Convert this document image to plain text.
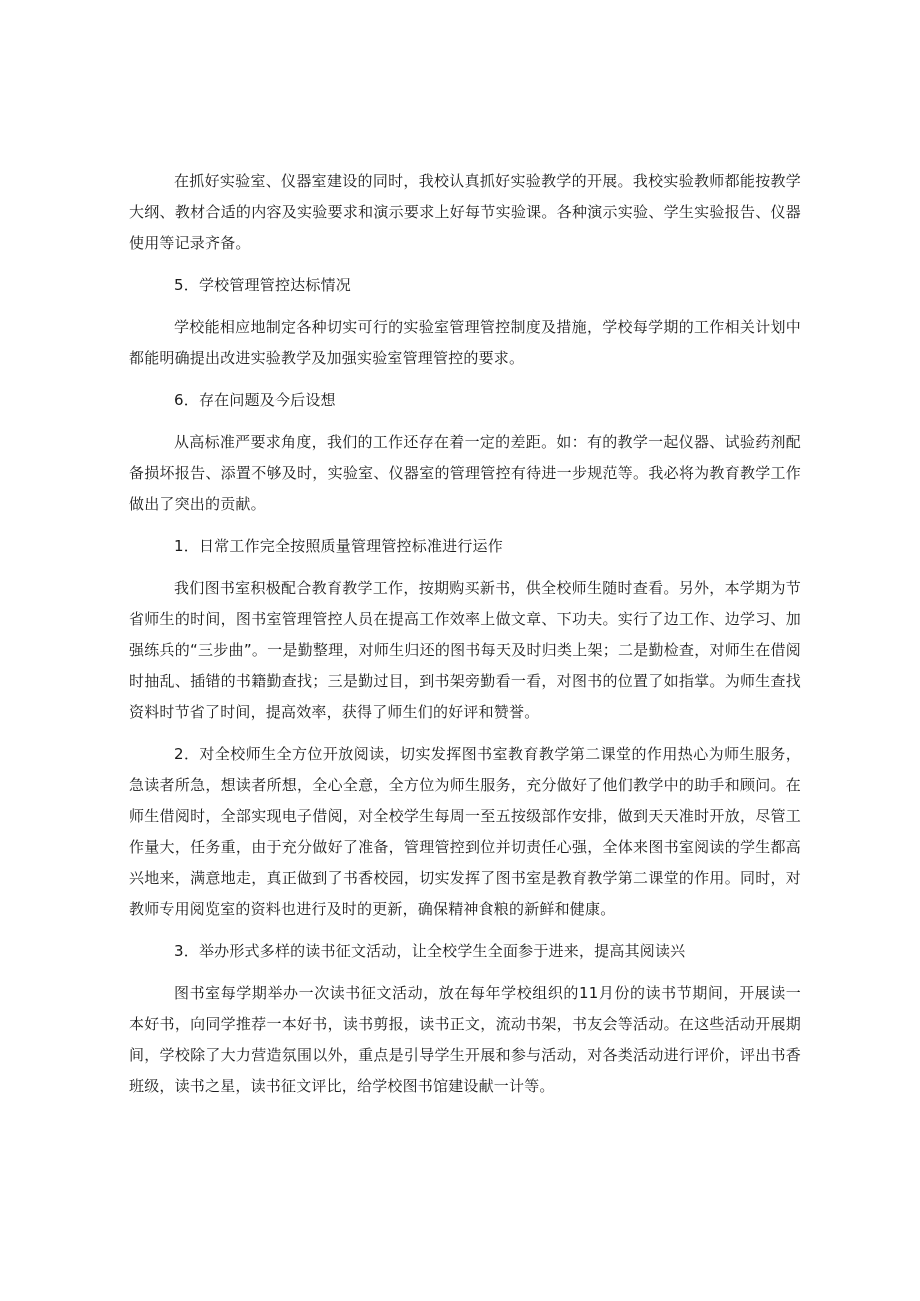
在抓好实验室、仪器室建设的同时，我校认真抓好实验教学的开展。我校实验教师都能按教学大纲、教材合适的内容及实验要求和演示要求上好每节实验课。各种演示实验、学生实验报告、仪器使用等记录齐备。

5．学校管理管控达标情况

学校能相应地制定各种切实可行的实验室管理管控制度及措施，学校每学期的工作相关计划中都能明确提出改进实验教学及加强实验室管理管控的要求。

6．存在问题及今后设想

从高标准严要求角度，我们的工作还存在着一定的差距。如：有的教学一起仪器、试验药剂配备损坏报告、添置不够及时，实验室、仪器室的管理管控有待进一步规范等。我必将为教育教学工作做出了突出的贡献。

1．日常工作完全按照质量管理管控标准进行运作

我们图书室积极配合教育教学工作，按期购买新书，供全校师生随时查看。另外，本学期为节省师生的时间，图书室管理管控人员在提高工作效率上做文章、下功夫。实行了边工作、边学习、加强练兵的“三步曲”。一是勤整理，对师生归还的图书每天及时归类上架；二是勤检查，对师生在借阅时抽乱、插错的书籍勤查找；三是勤过目，到书架旁勤看一看，对图书的位置了如指掌。为师生查找资料时节省了时间，提高效率，获得了师生们的好评和赞誉。

2．对全校师生全方位开放阅读，切实发挥图书室教育教学第二课堂的作用热心为师生服务，急读者所急，想读者所想，全心全意，全方位为师生服务，充分做好了他们教学中的助手和顾问。在师生借阅时，全部实现电子借阅，对全校学生每周一至五按级部作安排，做到天天准时开放，尽管工作量大，任务重，由于充分做好了准备，管理管控到位并切责任心强，全体来图书室阅读的学生都高兴地来，满意地走，真正做到了书香校园，切实发挥了图书室是教育教学第二课堂的作用。同时，对教师专用阅览室的资料也进行及时的更新，确保精神食粮的新鲜和健康。

3．举办形式多样的读书征文活动，让全校学生全面参于进来，提高其阅读兴

图书室每学期举办一次读书征文活动，放在每年学校组织的11月份的读书节期间，开展读一本好书，向同学推荐一本好书，读书剪报，读书正文，流动书架，书友会等活动。在这些活动开展期间，学校除了大力营造氛围以外，重点是引导学生开展和参与活动，对各类活动进行评价，评出书香班级，读书之星，读书征文评比，给学校图书馆建设献一计等。
